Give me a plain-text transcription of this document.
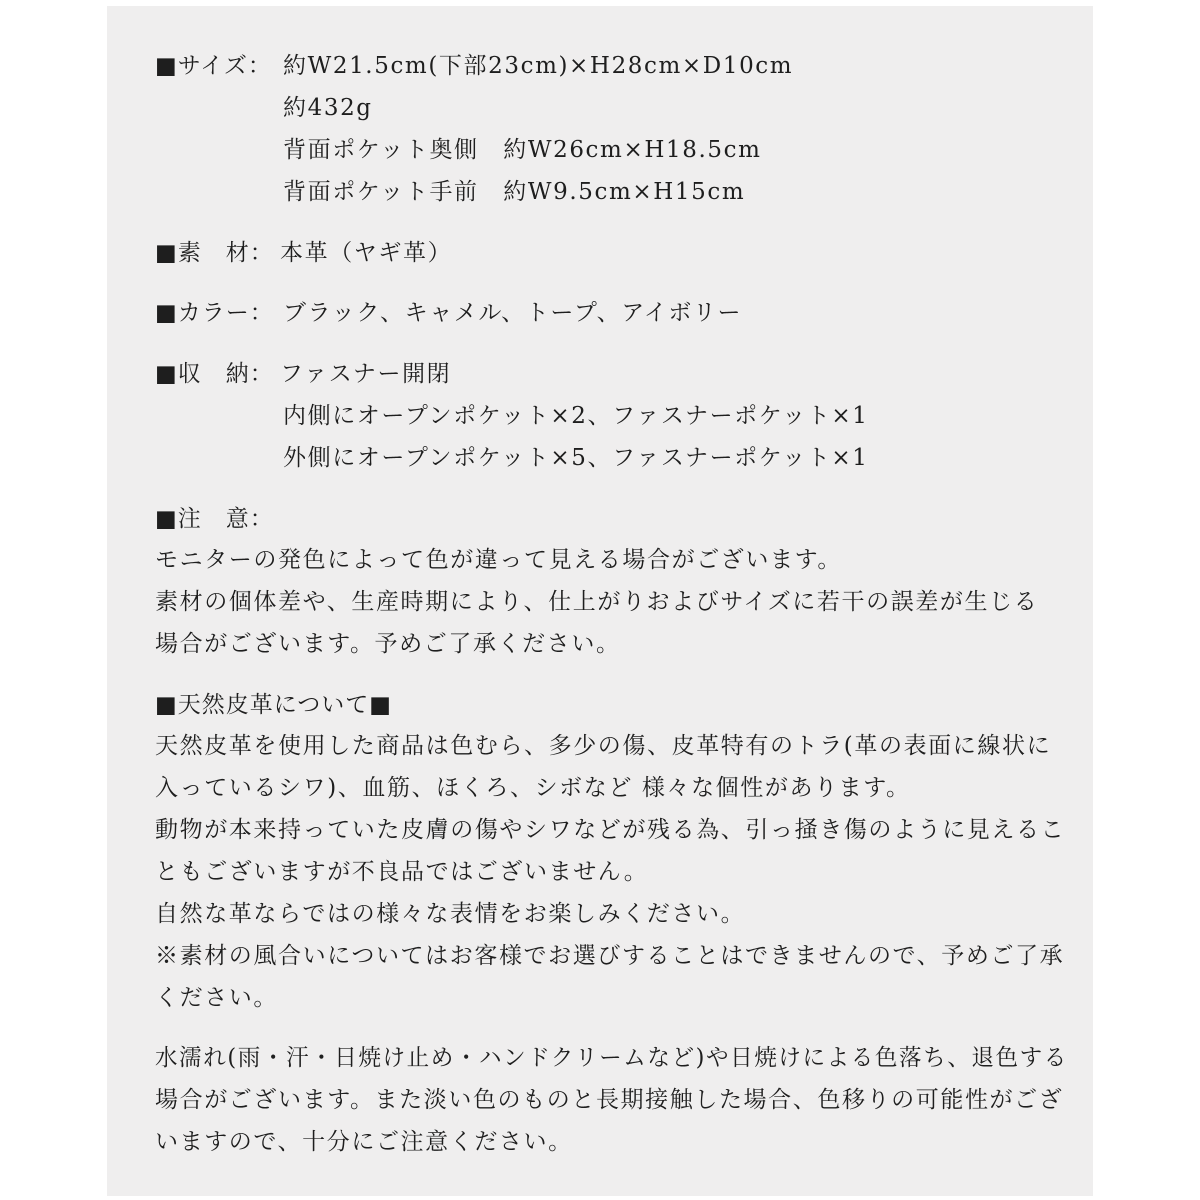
■サイズ： 約W21.5cm(下部23cm)×H28cm×D10cm
約432g
背面ポケット奥側　約W26cm×H18.5cm
背面ポケット手前　約W9.5cm×H15cm
■素　材： 本革（ヤギ革）
■カラー： ブラック、キャメル、トープ、アイボリー
■収　納： ファスナー開閉
内側にオープンポケット×2、ファスナーポケット×1
外側にオープンポケット×5、ファスナーポケット×1
■注　意：
モニターの発色によって色が違って見える場合がございます。
素材の個体差や、生産時期により、仕上がりおよびサイズに若干の誤差が生じる
場合がございます。予めご了承ください。
■天然皮革について■
天然皮革を使用した商品は色むら、多少の傷、皮革特有のトラ(革の表面に線状に
入っているシワ)、血筋、ほくろ、シボなど 様々な個性があります。
動物が本来持っていた皮膚の傷やシワなどが残る為、引っ掻き傷のように見えるこ
ともございますが不良品ではございません。
自然な革ならではの様々な表情をお楽しみください。
※素材の風合いについてはお客様でお選びすることはできませんので、予めご了承
ください。
水濡れ(雨・汗・日焼け止め・ハンドクリームなど)や日焼けによる色落ち、退色する
場合がございます。また淡い色のものと長期接触した場合、色移りの可能性がござ
いますので、十分にご注意ください。
